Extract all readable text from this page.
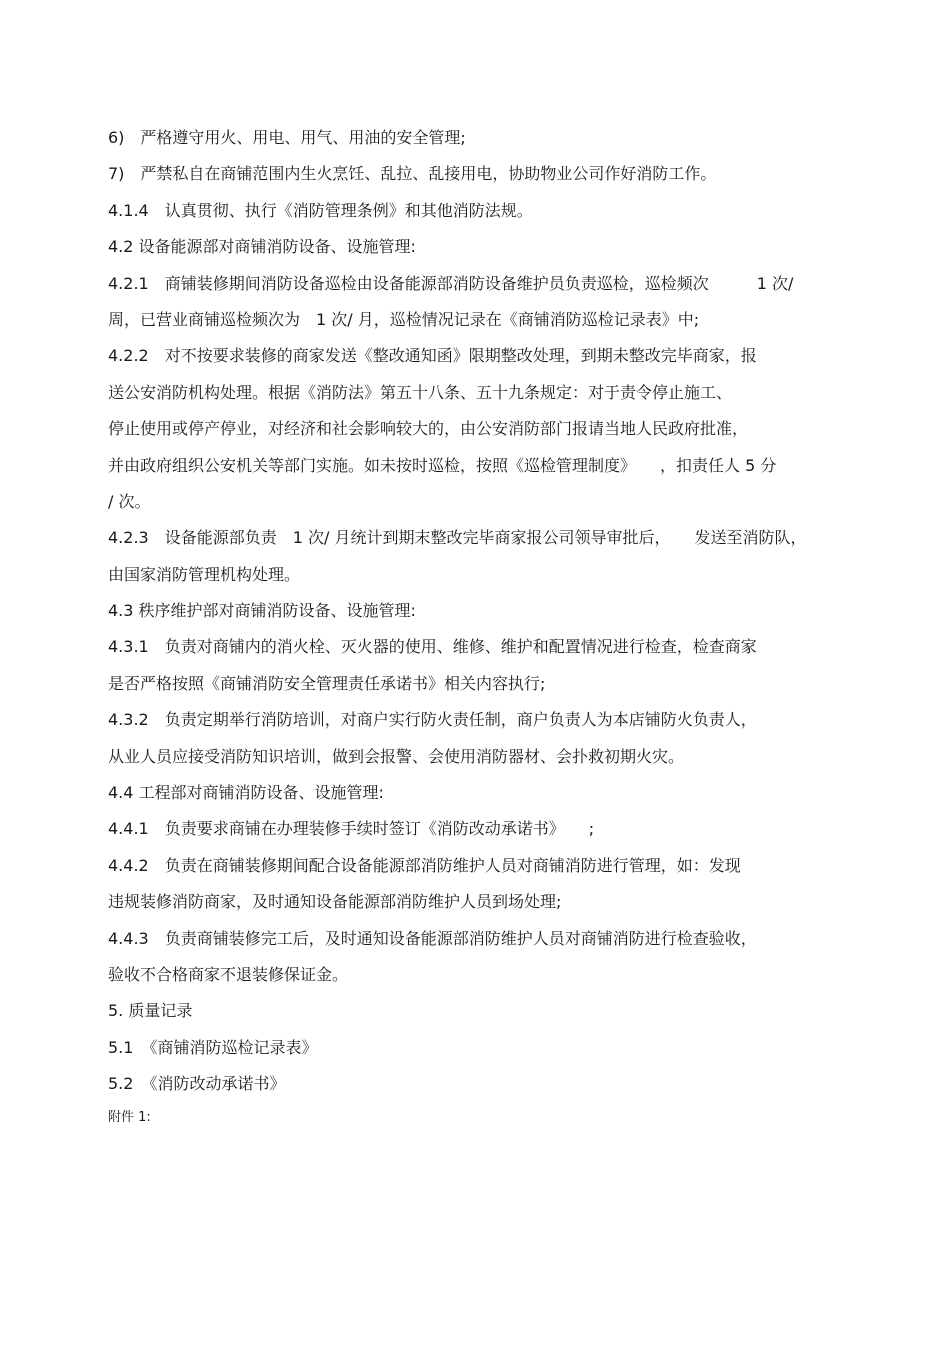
6)　严格遵守用火、用电、用气、用油的安全管理;
7)　严禁私自在商铺范围内生火烹饪、乱拉、乱接用电，协助物业公司作好消防工作。
4.1.4　认真贯彻、执行《消防管理条例》和其他消防法规。
4.2 设备能源部对商铺消防设备、设施管理:
4.2.1　商铺装修期间消防设备巡检由设备能源部消防设备维护员负责巡检，巡检频次　　　1 次/
周，已营业商铺巡检频次为　1 次/ 月，巡检情况记录在《商铺消防巡检记录表》中;
4.2.2　对不按要求装修的商家发送《整改通知函》限期整改处理，到期未整改完毕商家，报
送公安消防机构处理。根据《消防法》第五十八条、五十九条规定：对于责令停止施工、
停止使用或停产停业，对经济和社会影响较大的，由公安消防部门报请当地人民政府批准，
并由政府组织公安机关等部门实施。如未按时巡检，按照《巡检管理制度》　　，扣责任人 5 分
/ 次。
4.2.3　设备能源部负责　1 次/ 月统计到期末整改完毕商家报公司领导审批后，　　发送至消防队，
由国家消防管理机构处理。
4.3 秩序维护部对商铺消防设备、设施管理:
4.3.1　负责对商铺内的消火栓、灭火器的使用、维修、维护和配置情况进行检查，检查商家
是否严格按照《商铺消防安全管理责任承诺书》相关内容执行;
4.3.2　负责定期举行消防培训，对商户实行防火责任制，商户负责人为本店铺防火负责人，
从业人员应接受消防知识培训，做到会报警、会使用消防器材、会扑救初期火灾。
4.4 工程部对商铺消防设备、设施管理:
4.4.1　负责要求商铺在办理装修手续时签订《消防改动承诺书》　　;
4.4.2　负责在商铺装修期间配合设备能源部消防维护人员对商铺消防进行管理，如：发现
违规装修消防商家，及时通知设备能源部消防维护人员到场处理;
4.4.3　负责商铺装修完工后，及时通知设备能源部消防维护人员对商铺消防进行检查验收，
验收不合格商家不退装修保证金。
5. 质量记录
5.1　《商铺消防巡检记录表》
5.2　《消防改动承诺书》
附件 1:
